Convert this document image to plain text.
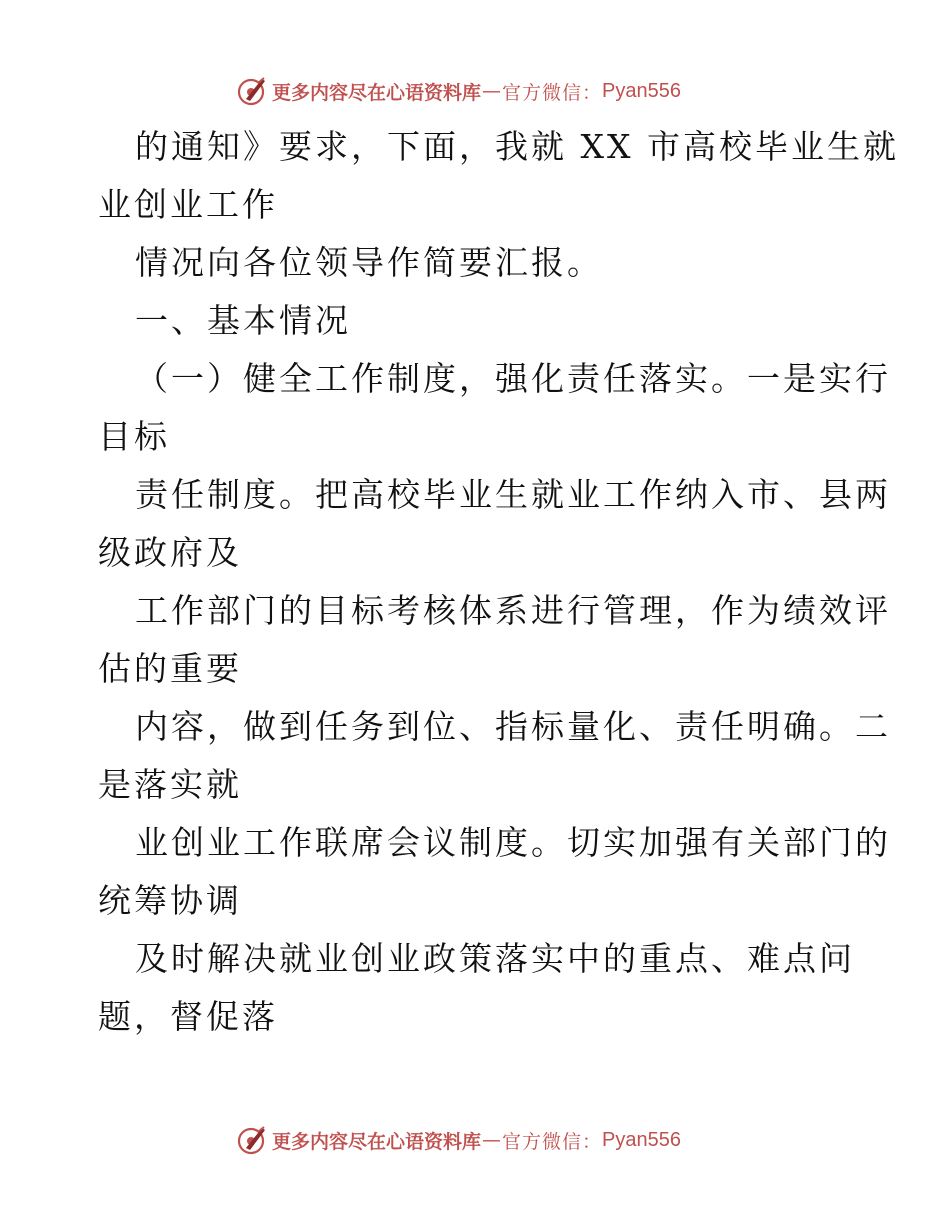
更多内容尽在心语资料库 — 官方微信： Pyan556
的通知》要求，下面，我就 XX 市高校毕业生就
业创业工作
情况向各位领导作简要汇报。
一、基本情况
（一）健全工作制度，强化责任落实。一是实行
目标
责任制度。把高校毕业生就业工作纳入市、县两
级政府及
工作部门的目标考核体系进行管理，作为绩效评
估的重要
内容，做到任务到位、指标量化、责任明确。二
是落实就
业创业工作联席会议制度。切实加强有关部门的
统筹协调
及时解决就业创业政策落实中的重点、难点问
题，督促落
更多内容尽在心语资料库 — 官方微信： Pyan556
